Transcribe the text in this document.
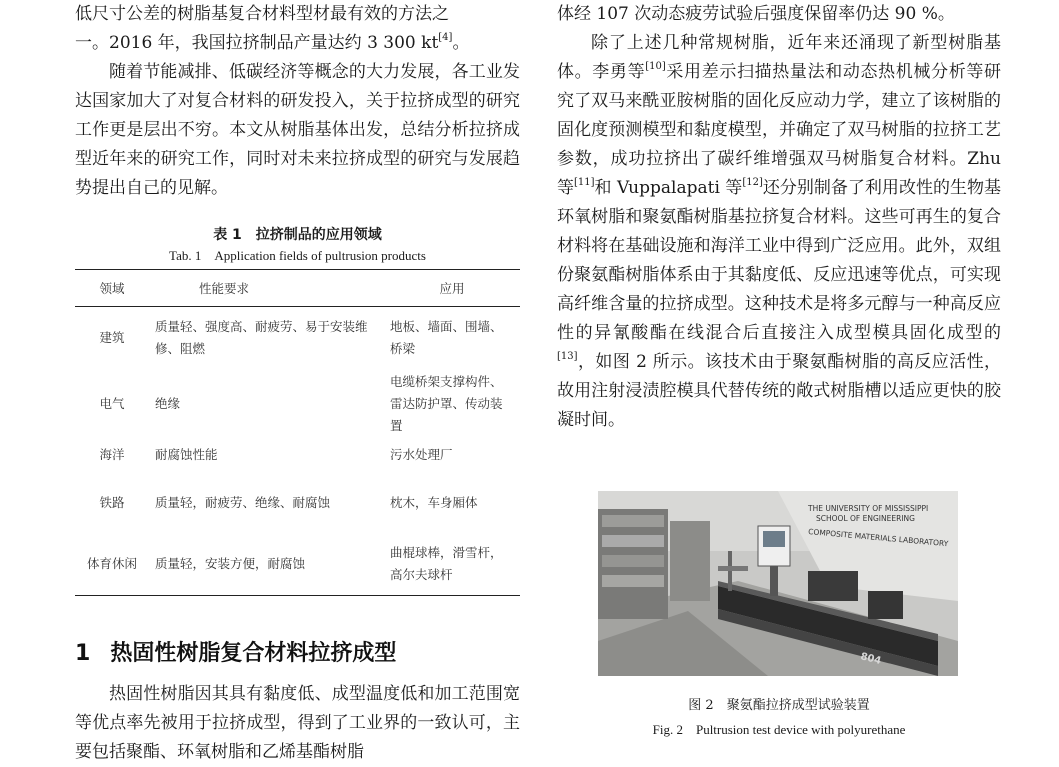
低尺寸公差的树脂基复合材料型材最有效的方法之
一。2016 年，我国拉挤制品产量达约 3 300 kt[4]。

随着节能减排、低碳经济等概念的大力发展，各工业发达国家加大了对复合材料的研发投入，关于拉挤成型的研究工作更是层出不穷。本文从树脂基体出发，总结分析拉挤成型近年来的研究工作，同时对未来拉挤成型的研究与发展趋势提出自己的见解。

表 1　拉挤制品的应用领域
Tab. 1　Application fields of pultrusion products
领域	性能要求	应用
建筑	质量轻、强度高、耐疲劳、易于安装维修、阻燃	地板、墙面、围墙、桥梁
电气	绝缘	电缆桥架支撑构件、雷达防护罩、传动装置
海洋	耐腐蚀性能	污水处理厂
铁路	质量轻，耐疲劳、绝缘、耐腐蚀	枕木，车身厢体
体育休闲	质量轻，安装方便，耐腐蚀	曲棍球棒，滑雪杆，高尔夫球杆
1 热固性树脂复合材料拉挤成型

热固性树脂因其具有黏度低、成型温度低和加工范围宽等优点率先被用于拉挤成型，得到了工业界的一致认可，主要包括聚酯、环氧树脂和乙烯基酯树脂

体经 107 次动态疲劳试验后强度保留率仍达 90 %。

除了上述几种常规树脂，近年来还涌现了新型树脂基体。李勇等[10]采用差示扫描热量法和动态热机械分析等研究了双马来酰亚胺树脂的固化反应动力学，建立了该树脂的固化度预测模型和黏度模型，并确定了双马树脂的拉挤工艺参数，成功拉挤出了碳纤维增强双马树脂复合材料。Zhu 等[11]和 Vuppalapati 等[12]还分别制备了利用改性的生物基环氧树脂和聚氨酯树脂基拉挤复合材料。这些可再生的复合材料将在基础设施和海洋工业中得到广泛应用。此外，双组份聚氨酯树脂体系由于其黏度低、反应迅速等优点，可实现高纤维含量的拉挤成型。这种技术是将多元醇与一种高反应性的异氰酸酯在线混合后直接注入成型模具固化成型的[13]，如图 2 所示。该技术由于聚氨酯树脂的高反应活性，故用注射浸渍腔模具代替传统的敞式树脂槽以适应更快的胶凝时间。

804
THE UNIVERSITY OF MISSISSIPPI
SCHOOL OF ENGINEERING
COMPOSITE MATERIALS LABORATORY
图 2　聚氨酯拉挤成型试验装置
Fig. 2　Pultrusion test device with polyurethane
